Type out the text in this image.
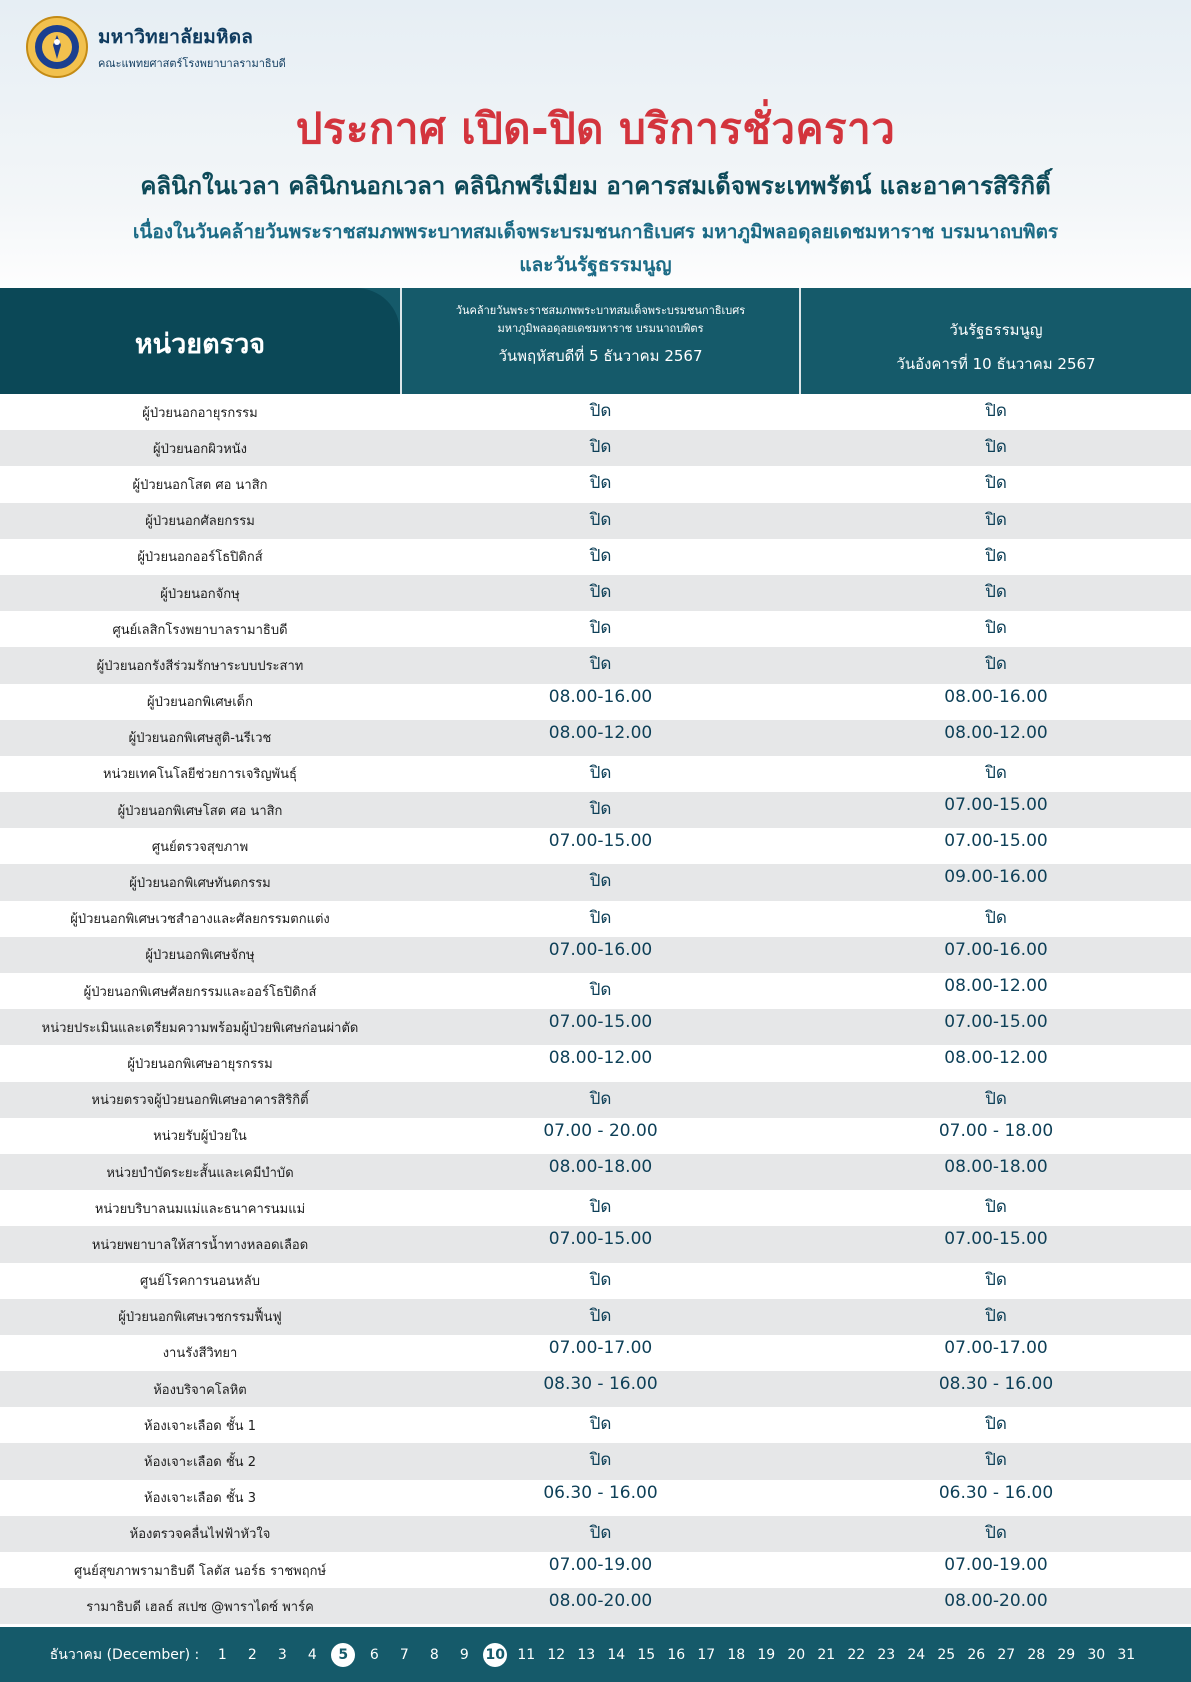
มหาวิทยาลัยมหิดล
คณะแพทยศาสตร์โรงพยาบาลรามาธิบดี
ประกาศ เปิด-ปิด บริการชั่วคราว
คลินิกในเวลา คลินิกนอกเวลา คลินิกพรีเมียม อาคารสมเด็จพระเทพรัตน์ และอาคารสิริกิติ์
เนื่องในวันคล้ายวันพระราชสมภพพระบาทสมเด็จพระบรมชนกาธิเบศร มหาภูมิพลอดุลยเดชมหาราช บรมนาถบพิตร
และวันรัฐธรรมนูญ
หน่วยตรวจ
วันคล้ายวันพระราชสมภพพระบาทสมเด็จพระบรมชนกาธิเบศร
มหาภูมิพลอดุลยเดชมหาราช บรมนาถบพิตร
วันพฤหัสบดีที่ 5 ธันวาคม 2567
วันรัฐธรรมนูญ
วันอังคารที่ 10 ธันวาคม 2567
ผู้ป่วยนอกอายุรกรรม	ปิด	ปิด
ผู้ป่วยนอกผิวหนัง	ปิด	ปิด
ผู้ป่วยนอกโสต ศอ นาสิก	ปิด	ปิด
ผู้ป่วยนอกศัลยกรรม	ปิด	ปิด
ผู้ป่วยนอกออร์โธปิดิกส์	ปิด	ปิด
ผู้ป่วยนอกจักษุ	ปิด	ปิด
ศูนย์เลสิกโรงพยาบาลรามาธิบดี	ปิด	ปิด
ผู้ป่วยนอกรังสีร่วมรักษาระบบประสาท	ปิด	ปิด
ผู้ป่วยนอกพิเศษเด็ก	08.00-16.00	08.00-16.00
ผู้ป่วยนอกพิเศษสูติ-นรีเวช	08.00-12.00	08.00-12.00
หน่วยเทคโนโลยีช่วยการเจริญพันธุ์	ปิด	ปิด
ผู้ป่วยนอกพิเศษโสต ศอ นาสิก	ปิด	07.00-15.00
ศูนย์ตรวจสุขภาพ	07.00-15.00	07.00-15.00
ผู้ป่วยนอกพิเศษทันตกรรม	ปิด	09.00-16.00
ผู้ป่วยนอกพิเศษเวชสำอางและศัลยกรรมตกแต่ง	ปิด	ปิด
ผู้ป่วยนอกพิเศษจักษุ	07.00-16.00	07.00-16.00
ผู้ป่วยนอกพิเศษศัลยกรรมและออร์โธปิดิกส์	ปิด	08.00-12.00
หน่วยประเมินและเตรียมความพร้อมผู้ป่วยพิเศษก่อนผ่าตัด	07.00-15.00	07.00-15.00
ผู้ป่วยนอกพิเศษอายุรกรรม	08.00-12.00	08.00-12.00
หน่วยตรวจผู้ป่วยนอกพิเศษอาคารสิริกิติ์	ปิด	ปิด
หน่วยรับผู้ป่วยใน	07.00 - 20.00	07.00 - 18.00
หน่วยบำบัดระยะสั้นและเคมีบำบัด	08.00-18.00	08.00-18.00
หน่วยบริบาลนมแม่และธนาคารนมแม่	ปิด	ปิด
หน่วยพยาบาลให้สารน้ำทางหลอดเลือด	07.00-15.00	07.00-15.00
ศูนย์โรคการนอนหลับ	ปิด	ปิด
ผู้ป่วยนอกพิเศษเวชกรรมฟื้นฟู	ปิด	ปิด
งานรังสีวิทยา	07.00-17.00	07.00-17.00
ห้องบริจาคโลหิต	08.30 - 16.00	08.30 - 16.00
ห้องเจาะเลือด ชั้น 1	ปิด	ปิด
ห้องเจาะเลือด ชั้น 2	ปิด	ปิด
ห้องเจาะเลือด ชั้น 3	06.30 - 16.00	06.30 - 16.00
ห้องตรวจคลื่นไฟฟ้าหัวใจ	ปิด	ปิด
ศูนย์สุขภาพรามาธิบดี โลตัส นอร์ธ ราชพฤกษ์	07.00-19.00	07.00-19.00
รามาธิบดี เฮลธ์ สเปซ @พาราไดซ์ พาร์ค	08.00-20.00	08.00-20.00
ธันวาคม (December) :	1 2 3 4 5 6 7 8 9 10 11 12 13 14 15 16 17 18 19 20 21 22 23 24 25 26 27 28 29 30 31
